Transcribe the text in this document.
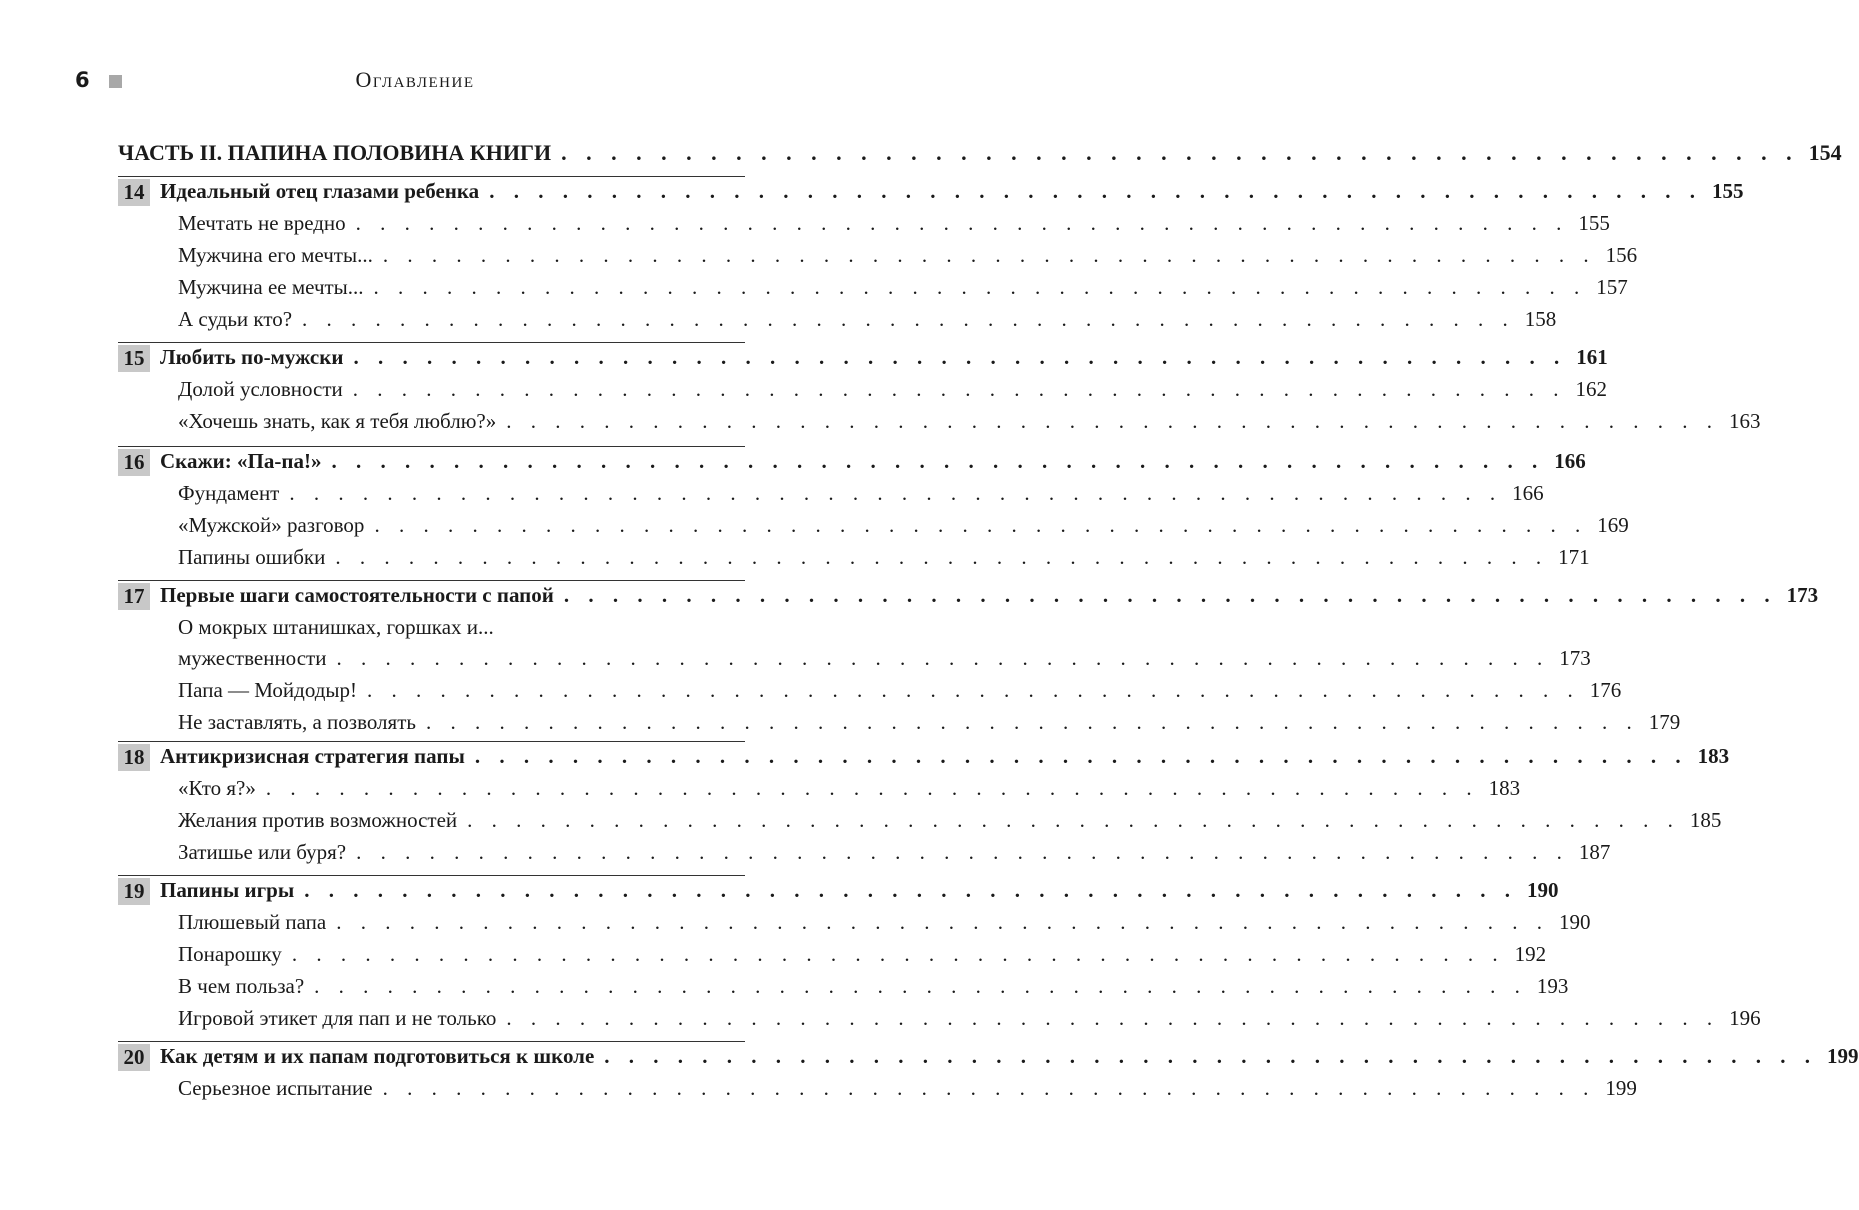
6	Оглавление
ЧАСТЬ II. ПАПИНА ПОЛОВИНА КНИГИ . . . . . . . . . . . . . . . . . . . . . . . . . . . . . . . . . . . . . . . . . . . . . . . . . . 154
14 Идеальный отец глазами ребенка . . . . . . . . . . . . . . . . . . . . . . . . . . . . . . . . . . . . . . . . . . . . . . . . . . 155
Мечтать не вредно . . . . . . . . . . . . . . . . . . . . . . . . . . . . . . . . . . . . . . . . . . . . . . . . . . 155
Мужчина его мечты... . . . . . . . . . . . . . . . . . . . . . . . . . . . . . . . . . . . . . . . . . . . . . . . . . . 156
Мужчина ее мечты... . . . . . . . . . . . . . . . . . . . . . . . . . . . . . . . . . . . . . . . . . . . . . . . . . . 157
А судьи кто? . . . . . . . . . . . . . . . . . . . . . . . . . . . . . . . . . . . . . . . . . . . . . . . . . . 158
15 Любить по-мужски . . . . . . . . . . . . . . . . . . . . . . . . . . . . . . . . . . . . . . . . . . . . . . . . . . 161
Долой условности . . . . . . . . . . . . . . . . . . . . . . . . . . . . . . . . . . . . . . . . . . . . . . . . . . 162
«Хочешь знать, как я тебя люблю?» . . . . . . . . . . . . . . . . . . . . . . . . . . . . . . . . . . . . . . . . . . . . . . . . . . 163
16 Скажи: «Па-па!» . . . . . . . . . . . . . . . . . . . . . . . . . . . . . . . . . . . . . . . . . . . . . . . . . . 166
Фундамент . . . . . . . . . . . . . . . . . . . . . . . . . . . . . . . . . . . . . . . . . . . . . . . . . . 166
«Мужской» разговор . . . . . . . . . . . . . . . . . . . . . . . . . . . . . . . . . . . . . . . . . . . . . . . . . . 169
Папины ошибки . . . . . . . . . . . . . . . . . . . . . . . . . . . . . . . . . . . . . . . . . . . . . . . . . . 171
17 Первые шаги самостоятельности с папой . . . . . . . . . . . . . . . . . . . . . . . . . . . . . . . . . . . . . . . . . . . . . . . . . . 173
О мокрых штанишках, горшках и...
мужественности . . . . . . . . . . . . . . . . . . . . . . . . . . . . . . . . . . . . . . . . . . . . . . . . . . 173
Папа — Мойдодыр! . . . . . . . . . . . . . . . . . . . . . . . . . . . . . . . . . . . . . . . . . . . . . . . . . . 176
Не заставлять, а позволять . . . . . . . . . . . . . . . . . . . . . . . . . . . . . . . . . . . . . . . . . . . . . . . . . . 179
18 Антикризисная стратегия папы . . . . . . . . . . . . . . . . . . . . . . . . . . . . . . . . . . . . . . . . . . . . . . . . . . 183
«Кто я?» . . . . . . . . . . . . . . . . . . . . . . . . . . . . . . . . . . . . . . . . . . . . . . . . . . 183
Желания против возможностей . . . . . . . . . . . . . . . . . . . . . . . . . . . . . . . . . . . . . . . . . . . . . . . . . . 185
Затишье или буря? . . . . . . . . . . . . . . . . . . . . . . . . . . . . . . . . . . . . . . . . . . . . . . . . . . 187
19 Папины игры . . . . . . . . . . . . . . . . . . . . . . . . . . . . . . . . . . . . . . . . . . . . . . . . . . 190
Плюшевый папа . . . . . . . . . . . . . . . . . . . . . . . . . . . . . . . . . . . . . . . . . . . . . . . . . . 190
Понарошку . . . . . . . . . . . . . . . . . . . . . . . . . . . . . . . . . . . . . . . . . . . . . . . . . . 192
В чем польза? . . . . . . . . . . . . . . . . . . . . . . . . . . . . . . . . . . . . . . . . . . . . . . . . . . 193
Игровой этикет для пап и не только . . . . . . . . . . . . . . . . . . . . . . . . . . . . . . . . . . . . . . . . . . . . . . . . . . 196
20 Как детям и их папам подготовиться к школе . . . . . . . . . . . . . . . . . . . . . . . . . . . . . . . . . . . . . . . . . . . . . . . . . . 199
Серьезное испытание . . . . . . . . . . . . . . . . . . . . . . . . . . . . . . . . . . . . . . . . . . . . . . . . . . 199
